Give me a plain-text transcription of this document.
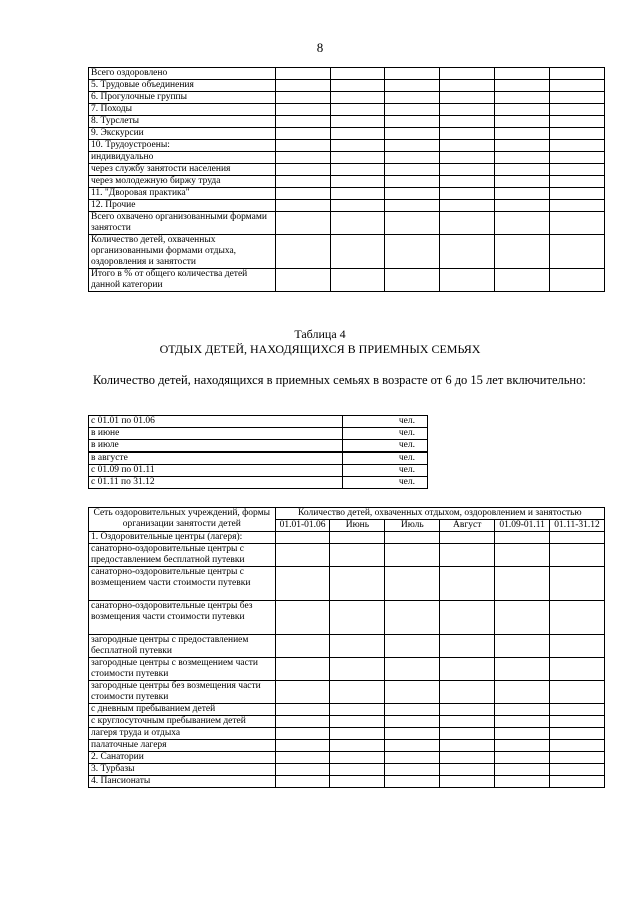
8
Всего оздоровлено						
5. Трудовые объединения						
6. Прогулочные группы						
7. Походы						
8. Турслеты						
9. Экскурсии						
10. Трудоустроены:						
индивидуально						
через службу занятости населения						
через молодежную биржу труда						
11. "Дворовая практика"						
12. Прочие						
Всего охвачено организованными формами занятости						
Количество детей, охваченных организованными формами отдыха, оздоровления и занятости						
Итого в % от общего количества детей данной категории						
Таблица 4
ОТДЫХ ДЕТЕЙ, НАХОДЯЩИХСЯ В ПРИЕМНЫХ СЕМЬЯХ
Количество детей, находящихся в приемных семьях в возрасте от 6 до 15 лет включительно:
с 01.01 по 01.06	чел.
в июне	чел.
в июле	чел.
в августе	чел.
с 01.09 по 01.11	чел.
с 01.11 по 31.12	чел.
Сеть оздоровительных учреждений, формы организации занятости детей	Количество детей, охваченных отдыхом, оздоровлением и занятостью					
	01.01-01.06	Июнь	Июль	Август	01.09-01.11	01.11-31.12
1. Оздоровительные центры (лагеря):						
санаторно-оздоровительные центры с предоставлением бесплатной путевки						
санаторно-оздоровительные центры с возмещением части стоимости путевки						
санаторно-оздоровительные центры без возмещения части стоимости путевки						
загородные центры с предоставлением бесплатной путевки						
загородные центры с возмещением части стоимости путевки						
загородные центры без возмещения части стоимости путевки						
с дневным пребыванием детей						
с круглосуточным пребыванием детей						
лагеря труда и отдыха						
палаточные лагеря						
2. Санатории						
3. Турбазы						
4. Пансионаты						
